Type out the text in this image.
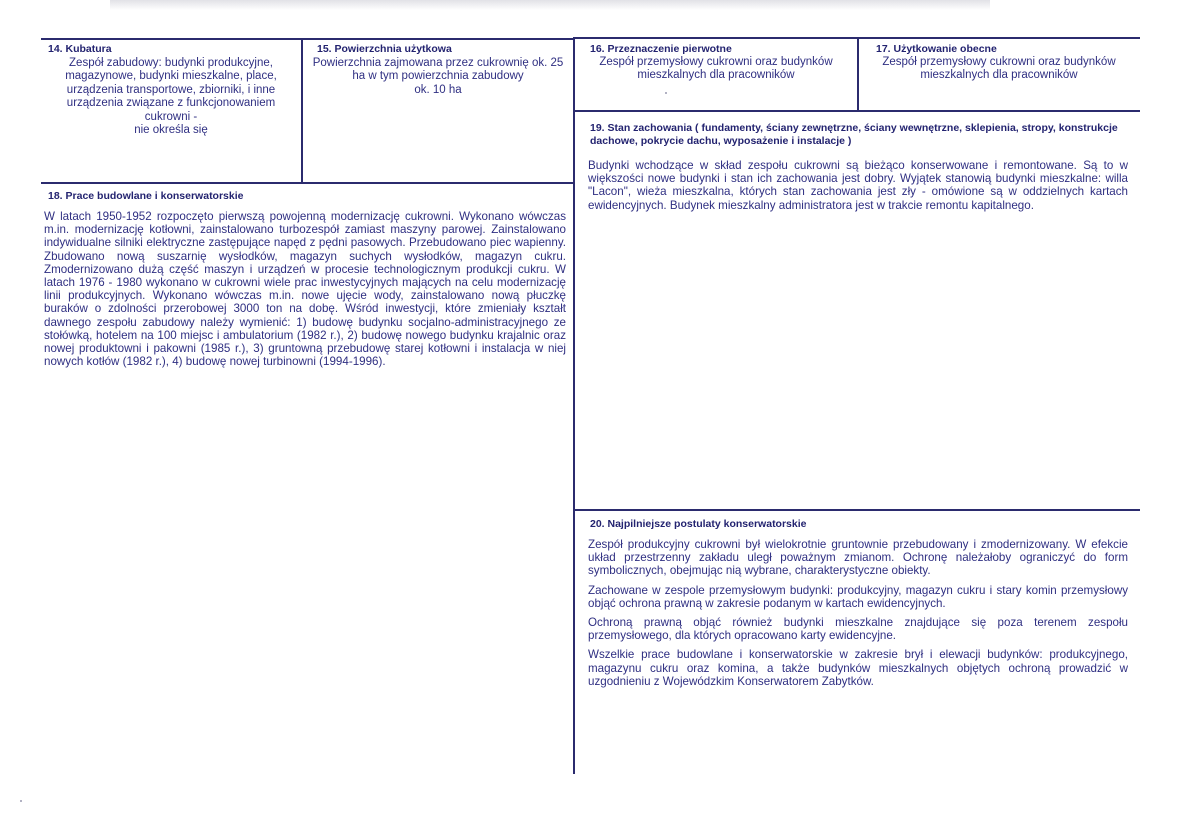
14. Kubatura
Zespół zabudowy: budynki produkcyjne, magazynowe, budynki mieszkalne, place, urządzenia transportowe, zbiorniki, i inne urządzenia związane z funkcjonowaniem cukrowni -
nie określa się
15. Powierzchnia użytkowa
Powierzchnia zajmowana przez cukrownię ok. 25 ha w tym powierzchnia zabudowy
ok. 10 ha
16. Przeznaczenie pierwotne
Zespół przemysłowy cukrowni oraz budynków mieszkalnych dla pracowników
17. Użytkowanie obecne
Zespół przemysłowy cukrowni oraz budynków mieszkalnych dla pracowników
18. Prace budowlane i konserwatorskie
W latach 1950-1952 rozpoczęto pierwszą powojenną modernizację cukrowni. Wykonano wówczas m.in. modernizację kotłowni, zainstalowano turbozespół zamiast maszyny parowej. Zainstalowano indywidualne silniki elektryczne zastępujące napęd z pędni pasowych. Przebudowano piec wapienny. Zbudowano nową suszarnię wysłodków, magazyn suchych wysłodków, magazyn cukru. Zmodernizowano dużą część maszyn i urządzeń w procesie technologicznym produkcji cukru. W latach 1976 - 1980 wykonano w cukrowni wiele prac inwestycyjnych mających na celu modernizację linii produkcyjnych. Wykonano wówczas m.in. nowe ujęcie wody, zainstalowano nową płuczkę buraków o zdolności przerobowej 3000 ton na dobę. Wśród inwestycji, które zmieniały kształt dawnego zespołu zabudowy należy wymienić: 1) budowę budynku socjalno-administracyjnego ze stołówką, hotelem na 100 miejsc i ambulatorium (1982 r.), 2) budowę nowego budynku krajalnic oraz nowej produktowni i pakowni (1985 r.), 3) gruntowną przebudowę starej kotłowni i instalacja w niej nowych kotłów (1982 r.), 4) budowę nowej turbinowni (1994-1996).
19. Stan zachowania ( fundamenty, ściany zewnętrzne, ściany wewnętrzne, sklepienia, stropy, konstrukcje dachowe, pokrycie dachu, wyposażenie i instalacje )
Budynki wchodzące w skład zespołu cukrowni są bieżąco konserwowane i remontowane. Są to w większości nowe budynki i stan ich zachowania jest dobry. Wyjątek stanowią budynki mieszkalne: willa "Lacon", wieża mieszkalna, których stan zachowania jest zły - omówione są w oddzielnych kartach ewidencyjnych. Budynek mieszkalny administratora jest w trakcie remontu kapitalnego.
20. Najpilniejsze postulaty konserwatorskie

Zespół produkcyjny cukrowni był wielokrotnie gruntownie przebudowany i zmodernizowany. W efekcie układ przestrzenny zakładu uległ poważnym zmianom. Ochronę należałoby ograniczyć do form symbolicznych, obejmując nią wybrane, charakterystyczne obiekty.

Zachowane w zespole przemysłowym budynki: produkcyjny, magazyn cukru i stary komin przemysłowy objąć ochrona prawną w zakresie podanym w kartach ewidencyjnych.

Ochroną prawną objąć również budynki mieszkalne znajdujące się poza terenem zespołu przemysłowego, dla których opracowano karty ewidencyjne.

Wszelkie prace budowlane i konserwatorskie w zakresie brył i elewacji budynków: produkcyjnego, magazynu cukru oraz komina, a także budynków mieszkalnych objętych ochroną prowadzić w uzgodnieniu z Wojewódzkim Konserwatorem Zabytków.
